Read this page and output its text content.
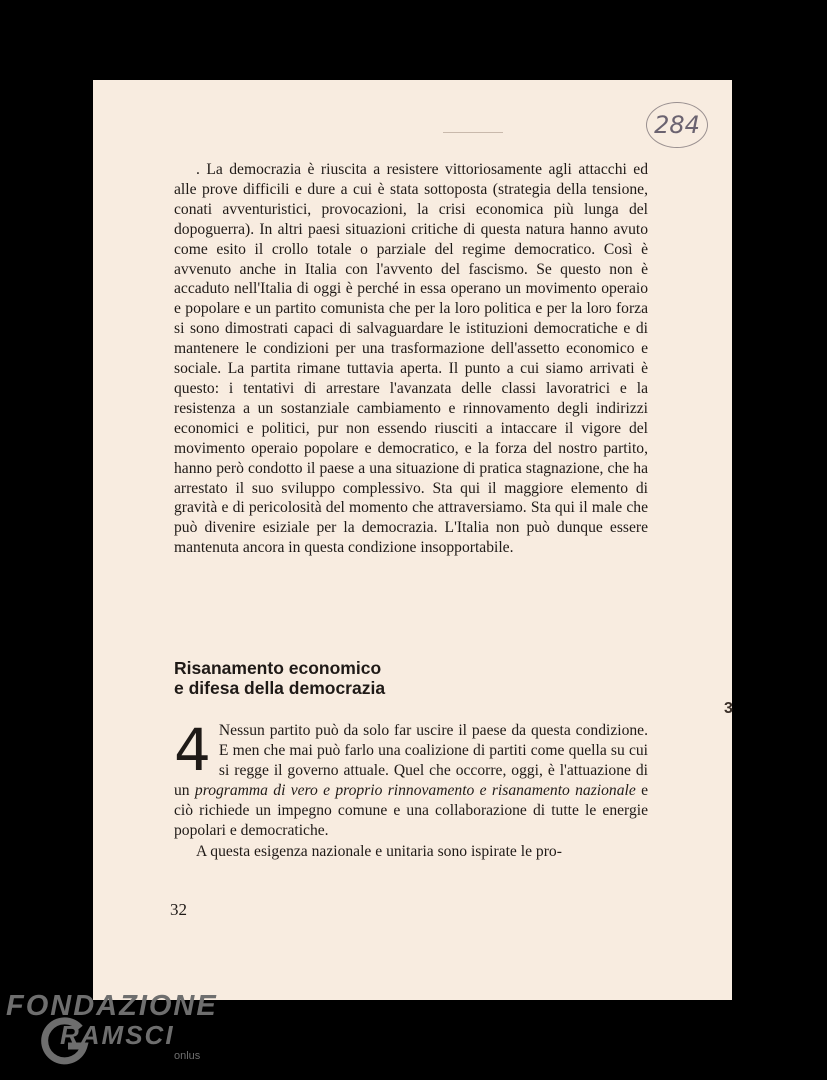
284

. La democrazia è riuscita a resistere vittoriosamente agli attacchi ed alle prove difficili e dure a cui è stata sottoposta (strategia della tensione, conati avventuristici, provocazioni, la crisi economica più lunga del dopoguerra). In altri paesi situazioni critiche di questa natura hanno avuto come esito il crollo totale o parziale del regime democratico. Così è avvenuto anche in Italia con l'avvento del fascismo. Se questo non è accaduto nell'Italia di oggi è perché in essa operano un movimento operaio e popolare e un partito comunista che per la loro politica e per la loro forza si sono dimostrati capaci di salvaguardare le istituzioni democratiche e di mantenere le condizioni per una trasformazione dell'assetto economico e sociale. La partita rimane tuttavia aperta. Il punto a cui siamo arrivati è questo: i tentativi di arrestare l'avanzata delle classi lavoratrici e la resistenza a un sostanziale cambiamento e rinnovamento degli indirizzi economici e politici, pur non essendo riusciti a intaccare il vigore del movimento operaio popolare e democratico, e la forza del nostro partito, hanno però condotto il paese a una situazione di pratica stagnazione, che ha arrestato il suo sviluppo complessivo. Sta qui il maggiore elemento di gravità e di pericolosità del momento che attraversiamo. Sta qui il male che può divenire esiziale per la democrazia. L'Italia non può dunque essere mantenuta ancora in questa condizione insopportabile.

Risanamento economico
e difesa della democrazia

4 Nessun partito può da solo far uscire il paese da questa condizione. E men che mai può farlo una coalizione di partiti come quella su cui si regge il governo attuale. Quel che occorre, oggi, è l'attuazione di un programma di vero e proprio rinnovamento e risanamento nazionale e ciò richiede un impegno comune e una collaborazione di tutte le energie popolari e democratiche.

A questa esigenza nazionale e unitaria sono ispirate le pro-

32
3
FONDAZIONE
RAMSCI
onlus
